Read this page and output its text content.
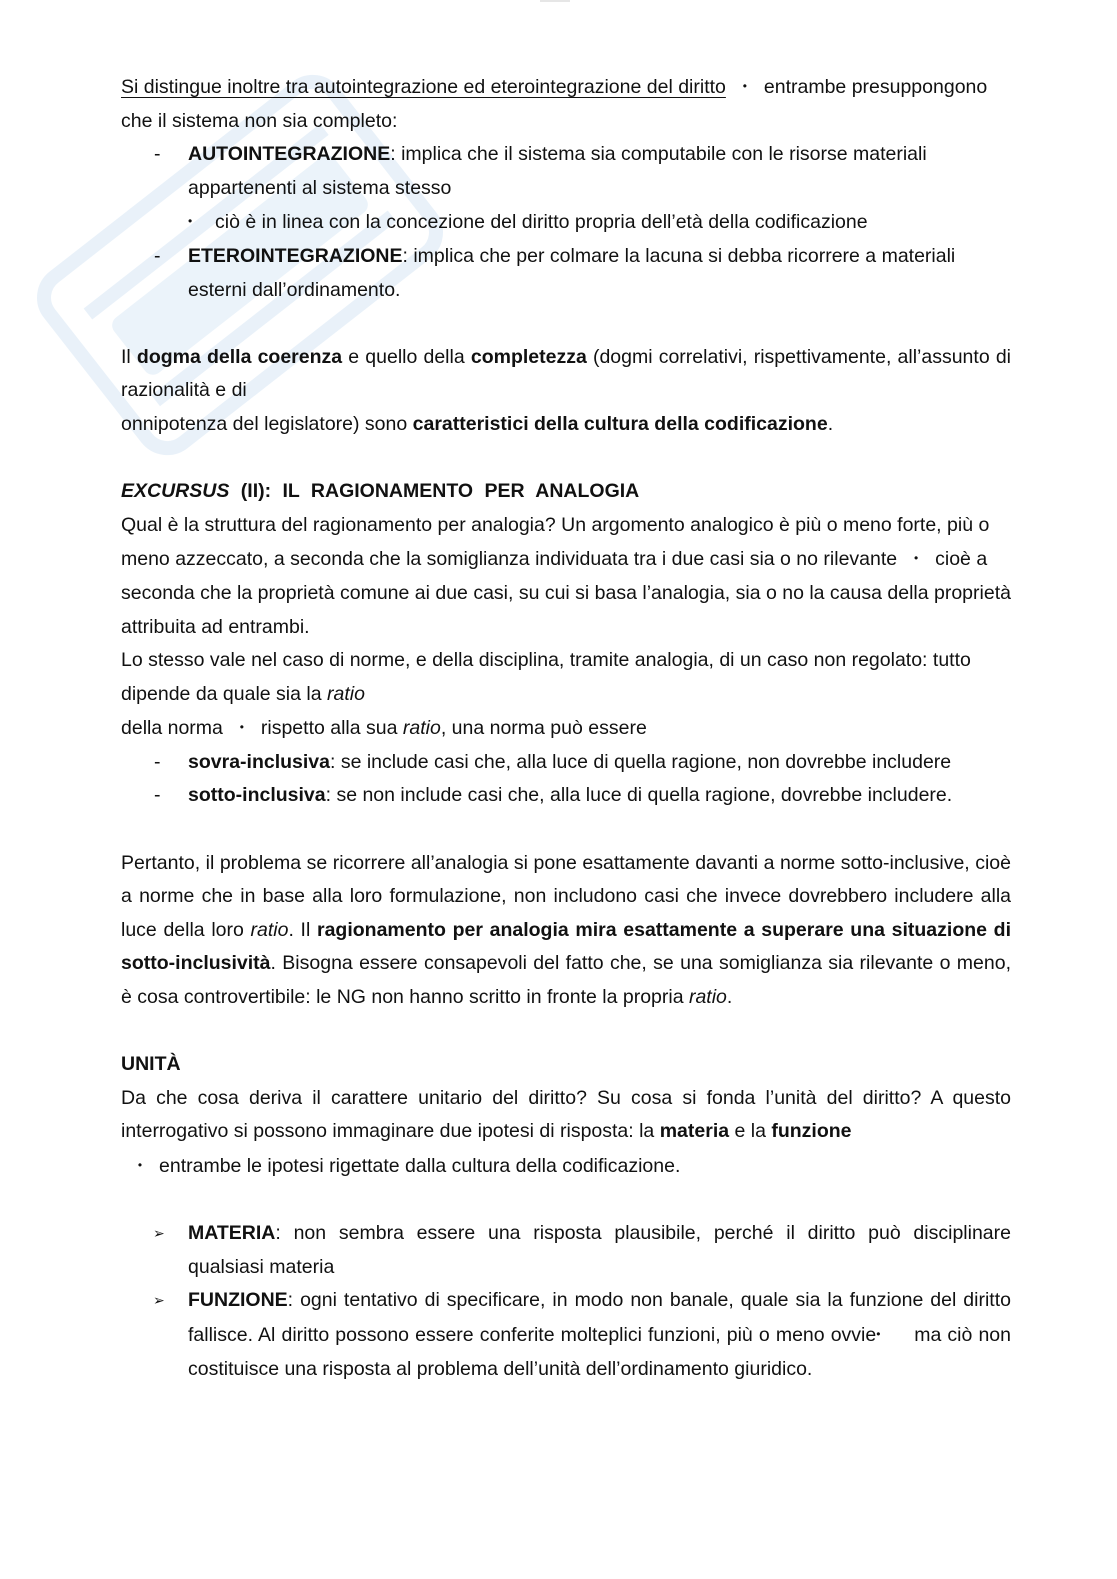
Si distingue inoltre tra autointegrazione ed eterointegrazione del diritto • entrambe presuppongono che il sistema non sia completo:

- AUTOINTEGRAZIONE: implica che il sistema sia computabile con le risorse materiali appartenenti al sistema stesso

• ciò è in linea con la concezione del diritto propria dell’età della codificazione

- ETEROINTEGRAZIONE: implica che per colmare la lacuna si debba ricorrere a materiali esterni dall’ordinamento.

Il dogma della coerenza e quello della completezza (dogmi correlativi, rispettivamente, all’assunto di razionalità e di

onnipotenza del legislatore) sono caratteristici della cultura della codificazione.

EXCURSUS (II): IL RAGIONAMENTO PER ANALOGIA

Qual è la struttura del ragionamento per analogia? Un argomento analogico è più o meno forte, più o meno azzeccato, a seconda che la somiglianza individuata tra i due casi sia o no rilevante • cioè a seconda che la proprietà comune ai due casi, su cui si basa l’analogia, sia o no la causa della proprietà attribuita ad entrambi.

Lo stesso vale nel caso di norme, e della disciplina, tramite analogia, di un caso non regolato: tutto dipende da quale sia la ratio

della norma • rispetto alla sua ratio, una norma può essere

- sovra-inclusiva: se include casi che, alla luce di quella ragione, non dovrebbe includere
- sotto-inclusiva: se non include casi che, alla luce di quella ragione, dovrebbe includere.

Pertanto, il problema se ricorrere all’analogia si pone esattamente davanti a norme sotto-inclusive, cioè a norme che in base alla loro formulazione, non includono casi che invece dovrebbero includere alla luce della loro ratio. Il ragionamento per analogia mira esattamente a superare una situazione di sotto-inclusività. Bisogna essere consapevoli del fatto che, se una somiglianza sia rilevante o meno, è cosa controvertibile: le NG non hanno scritto in fronte la propria ratio.

UNITÀ

Da che cosa deriva il carattere unitario del diritto? Su cosa si fonda l’unità del diritto? A questo interrogativo si possono immaginare due ipotesi di risposta: la materia e la funzione

• entrambe le ipotesi rigettate dalla cultura della codificazione.

➢ MATERIA: non sembra essere una risposta plausibile, perché il diritto può disciplinare qualsiasi materia
➢ FUNZIONE: ogni tentativo di specificare, in modo non banale, quale sia la funzione del diritto fallisce. Al diritto possono essere conferite molteplici funzioni, più o meno ovvie• ma ciò non costituisce una risposta al problema dell’unità dell’ordinamento giuridico.
